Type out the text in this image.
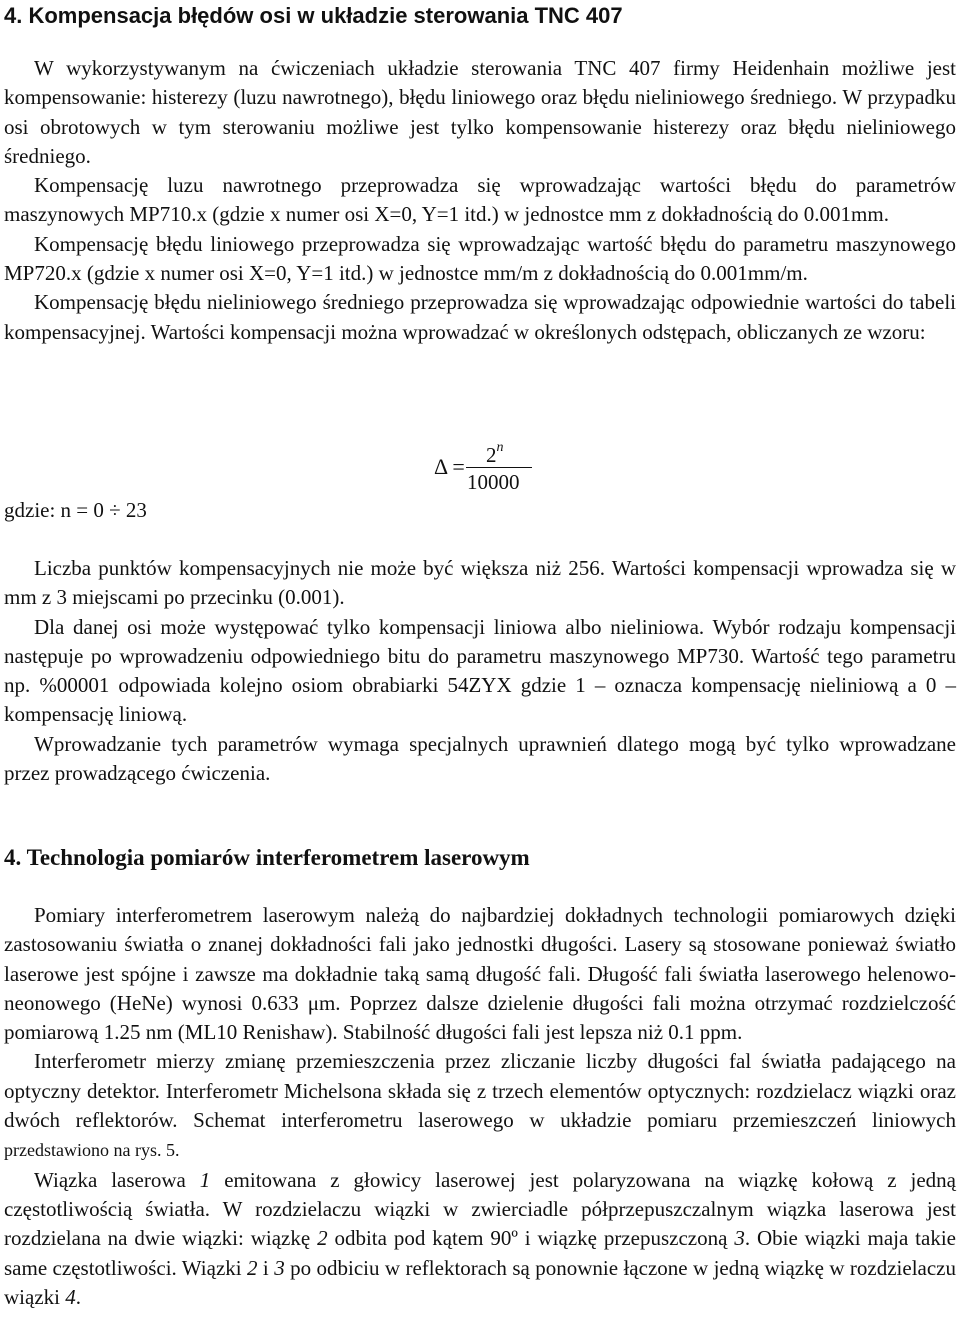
4. Kompensacja błędów osi w układzie sterowania TNC 407

W wykorzystywanym na ćwiczeniach układzie sterowania TNC 407 firmy Heidenhain możliwe jest kompensowanie: histerezy (luzu nawrotnego), błędu liniowego oraz błędu nieliniowego średniego. W przypadku osi obrotowych w tym sterowaniu możliwe jest tylko kompensowanie histerezy oraz błędu nieliniowego średniego.

Kompensację luzu nawrotnego przeprowadza się wprowadzając wartości błędu do parametrów maszynowych MP710.x (gdzie x numer osi X=0, Y=1 itd.) w jednostce mm z dokładnością do 0.001mm.

Kompensację błędu liniowego przeprowadza się wprowadzając wartość błędu do parametru maszynowego MP720.x (gdzie x numer osi X=0, Y=1 itd.) w jednostce mm/m z dokładnością do 0.001mm/m.

Kompensację błędu nieliniowego średniego przeprowadza się wprowadzając odpowiednie wartości do tabeli kompensacyjnej. Wartości kompensacji można wprowadzać w określonych odstępach, obliczanych ze wzoru:

$\Delta = 2^n$
10000
gdzie: n = 0 ÷ 23

Liczba punktów kompensacyjnych nie może być większa niż 256. Wartości kompensacji wprowadza się w mm z 3 miejscami po przecinku (0.001).

Dla danej osi może występować tylko kompensacji liniowa albo nieliniowa. Wybór rodzaju kompensacji następuje po wprowadzeniu odpowiedniego bitu do parametru maszynowego MP730. Wartość tego parametru np. %00001 odpowiada kolejno osiom obrabiarki 54ZYX gdzie 1 – oznacza kompensację nieliniową a 0 – kompensację liniową.

Wprowadzanie tych parametrów wymaga specjalnych uprawnień dlatego mogą być tylko wprowadzane przez prowadzącego ćwiczenia.

4. Technologia pomiarów interferometrem laserowym

Pomiary interferometrem laserowym należą do najbardziej dokładnych technologii pomiarowych dzięki zastosowaniu światła o znanej dokładności fali jako jednostki długości. Lasery są stosowane ponieważ światło laserowe jest spójne i zawsze ma dokładnie taką samą długość fali. Długość fali światła laserowego helenowo-neonowego (HeNe) wynosi 0.633 μm. Poprzez dalsze dzielenie długości fali można otrzymać rozdzielczość pomiarową 1.25 nm (ML10 Renishaw). Stabilność długości fali jest lepsza niż 0.1 ppm.

Interferometr mierzy zmianę przemieszczenia przez zliczanie liczby długości fal światła padającego na optyczny detektor. Interferometr Michelsona składa się z trzech elementów optycznych: rozdzielacz wiązki oraz dwóch reflektorów. Schemat interferometru laserowego w układzie pomiaru przemieszczeń liniowych przedstawiono na rys. 5.

Wiązka laserowa 1 emitowana z głowicy laserowej jest polaryzowana na wiązkę kołową z jedną częstotliwością światła. W rozdzielaczu wiązki w zwierciadle półprzepuszczalnym wiązka laserowa jest rozdzielana na dwie wiązki: wiązkę 2 odbita pod kątem 90º i wiązkę przepuszczoną 3. Obie wiązki maja takie same częstotliwości. Wiązki 2 i 3 po odbiciu w reflektorach są ponownie łączone w jedną wiązkę w rozdzielaczu wiązki 4.
